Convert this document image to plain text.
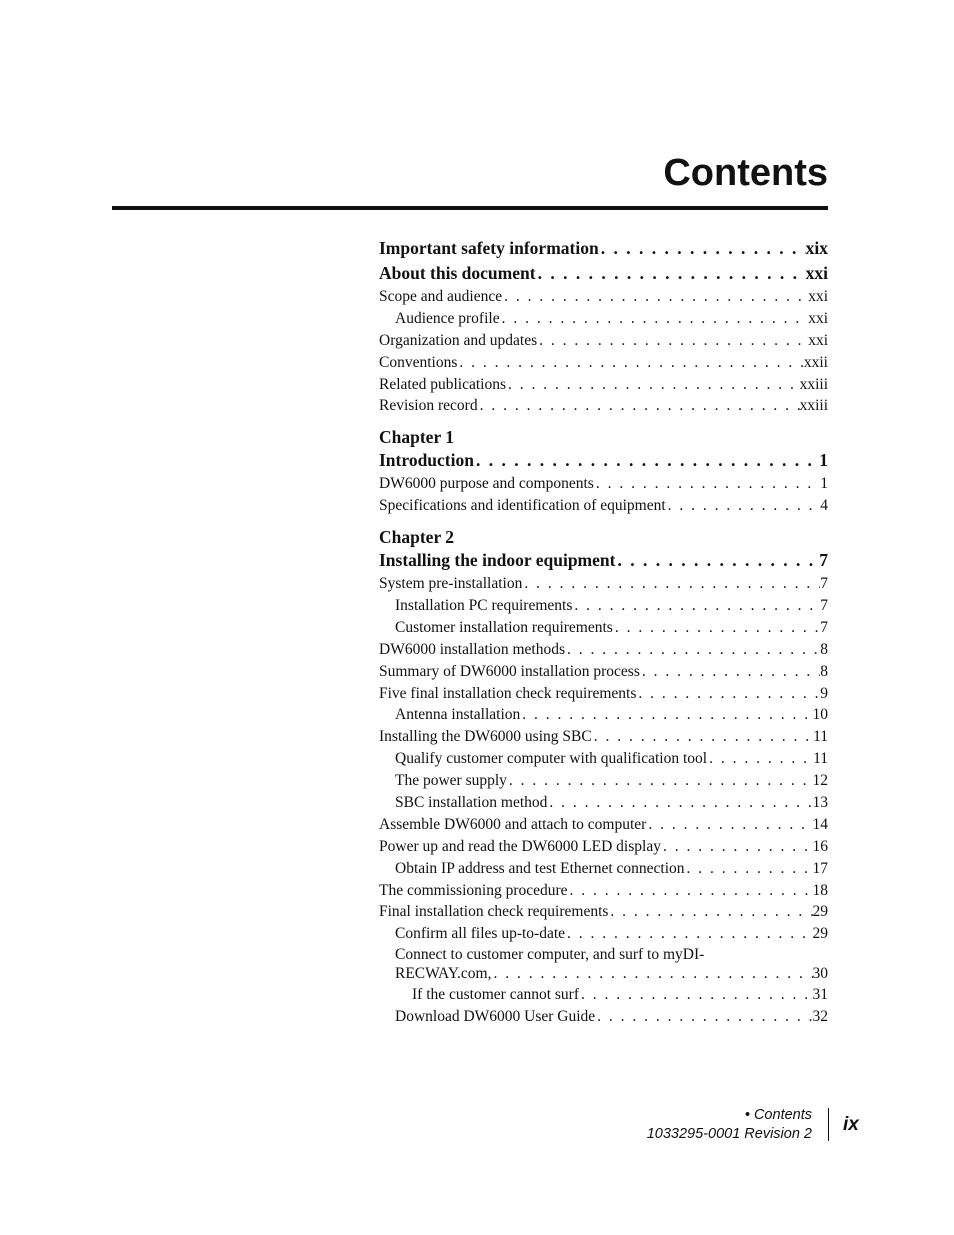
Contents
Important safety information . . .	xix
About this document . . .	xxi
Scope and audience . . .	xxi
Audience profile . . .	xxi
Organization and updates . . .	xxi
Conventions . . .	xxii
Related publications . . .	xxiii
Revision record . . .	xxiii
Chapter 1
Introduction . . .	1
DW6000 purpose and components . . .	1
Specifications and identification of equipment . . .	4
Chapter 2
Installing the indoor equipment . . .	7
System pre-installation . . .	7
Installation PC requirements . . .	7
Customer installation requirements . . .	7
DW6000 installation methods . . .	8
Summary of DW6000 installation process . . .	8
Five final installation check requirements . . .	9
Antenna installation . . .	10
Installing the DW6000 using SBC . . .	11
Qualify customer computer with qualification tool . . .	11
The power supply . . .	12
SBC installation method . . .	13
Assemble DW6000 and attach to computer . . .	14
Power up and read the DW6000 LED display . . .	16
Obtain IP address and test Ethernet connection . . .	17
The commissioning procedure . . .	18
Final installation check requirements . . .	29
Confirm all files up-to-date . . .	29
Connect to customer computer, and surf to myDI-
RECWAY.com, . . .	30
If the customer cannot surf . . .	31
Download DW6000 User Guide . . .	32
• Contents
1033295-0001 Revision 2 ix
